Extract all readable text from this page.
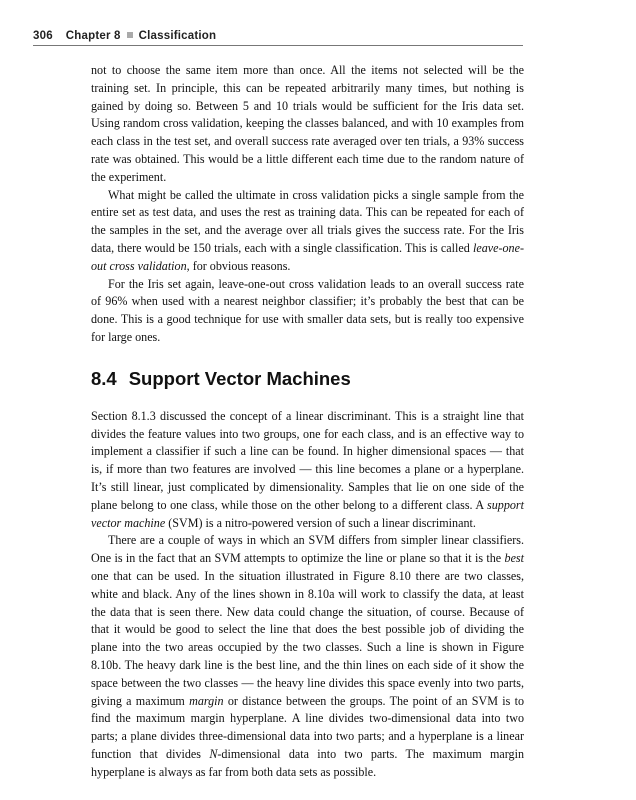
306 Chapter 8 Classification

not to choose the same item more than once. All the items not selected will be the training set. In principle, this can be repeated arbitrarily many times, but nothing is gained by doing so. Between 5 and 10 trials would be sufficient for the Iris data set. Using random cross validation, keeping the classes balanced, and with 10 examples from each class in the test set, and overall success rate averaged over ten trials, a 93% success rate was obtained. This would be a little different each time due to the random nature of the experiment.

What might be called the ultimate in cross validation picks a single sample from the entire set as test data, and uses the rest as training data. This can be repeated for each of the samples in the set, and the average over all trials gives the success rate. For the Iris data, there would be 150 trials, each with a single classification. This is called leave-one-out cross validation, for obvious reasons.

For the Iris set again, leave-one-out cross validation leads to an overall success rate of 96% when used with a nearest neighbor classifier; it’s probably the best that can be done. This is a good technique for use with smaller data sets, but is really too expensive for large ones.

8.4 Support Vector Machines

Section 8.1.3 discussed the concept of a linear discriminant. This is a straight line that divides the feature values into two groups, one for each class, and is an effective way to implement a classifier if such a line can be found. In higher dimensional spaces — that is, if more than two features are involved — this line becomes a plane or a hyperplane. It’s still linear, just complicated by dimensionality. Samples that lie on one side of the plane belong to one class, while those on the other belong to a different class. A support vector machine (SVM) is a nitro-powered version of such a linear discriminant.

There are a couple of ways in which an SVM differs from simpler linear classifiers. One is in the fact that an SVM attempts to optimize the line or plane so that it is the best one that can be used. In the situation illustrated in Figure 8.10 there are two classes, white and black. Any of the lines shown in 8.10a will work to classify the data, at least the data that is seen there. New data could change the situation, of course. Because of that it would be good to select the line that does the best possible job of dividing the plane into the two areas occupied by the two classes. Such a line is shown in Figure 8.10b. The heavy dark line is the best line, and the thin lines on each side of it show the space between the two classes — the heavy line divides this space evenly into two parts, giving a maximum margin or distance between the groups. The point of an SVM is to find the maximum margin hyperplane. A line divides two-dimensional data into two parts; a plane divides three-dimensional data into two parts; and a hyperplane is a linear function that divides N-dimensional data into two parts. The maximum margin hyperplane is always as far from both data sets as possible.
